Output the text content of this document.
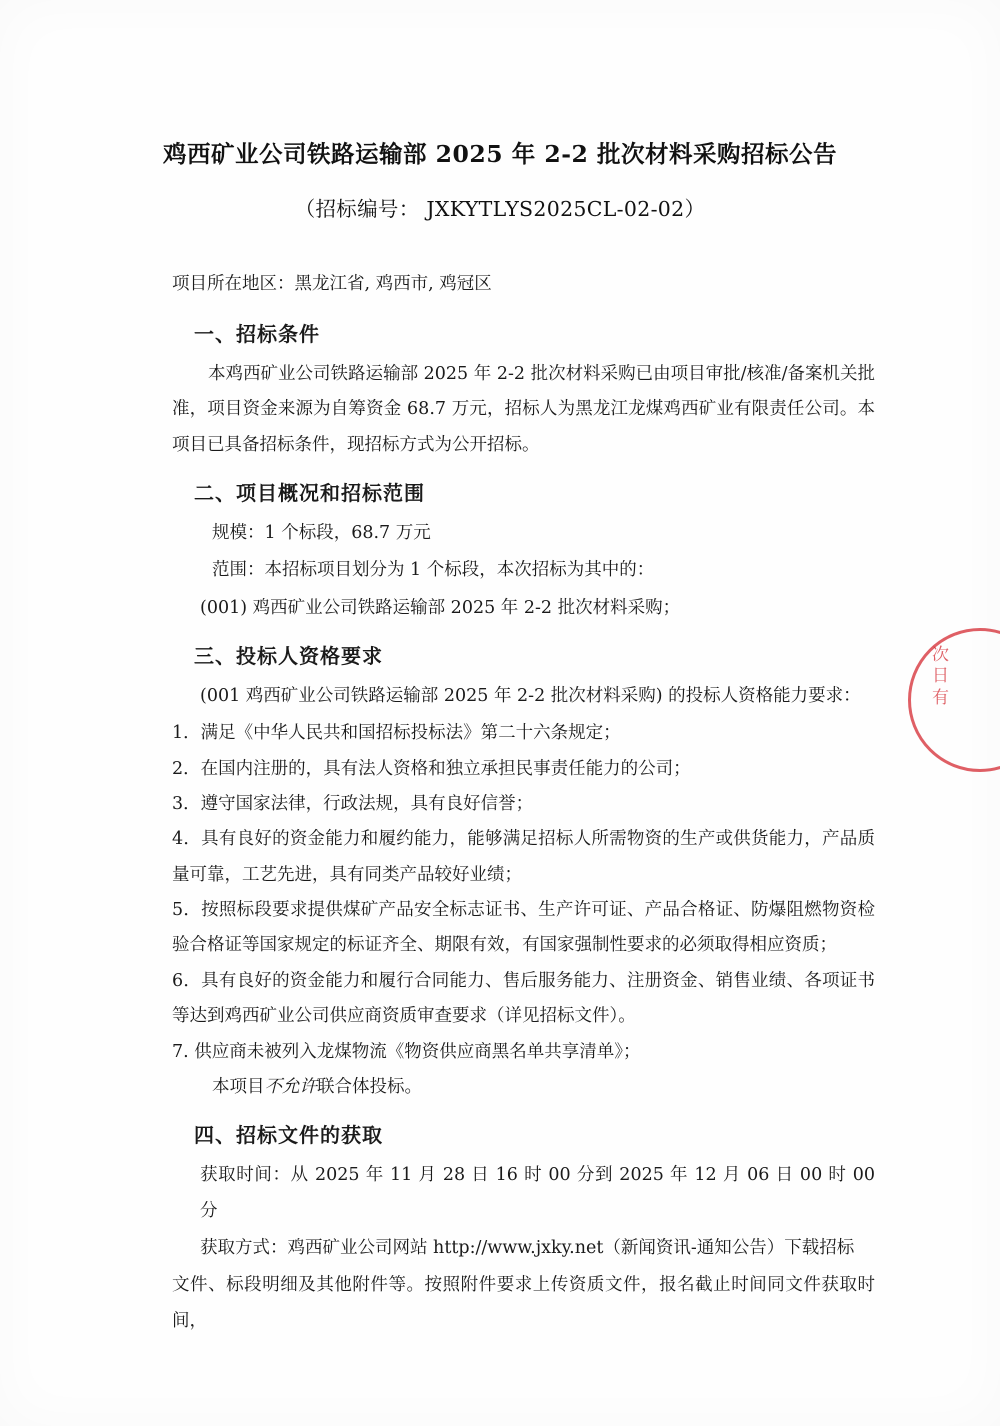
鸡西矿业公司铁路运输部 2025 年 2-2 批次材料采购招标公告
（招标编号： JXKYTLYS2025CL-02-02）

项目所在地区：黑龙江省, 鸡西市, 鸡冠区

一、招标条件

本鸡西矿业公司铁路运输部 2025 年 2-2 批次材料采购已由项目审批/核准/备案机关批准，项目资金来源为自筹资金 68.7 万元，招标人为黑龙江龙煤鸡西矿业有限责任公司。本项目已具备招标条件，现招标方式为公开招标。

二、项目概况和招标范围

规模：1 个标段，68.7 万元

范围：本招标项目划分为 1 个标段，本次招标为其中的：

(001) 鸡西矿业公司铁路运输部 2025 年 2-2 批次材料采购；

三、投标人资格要求

(001 鸡西矿业公司铁路运输部 2025 年 2-2 批次材料采购) 的投标人资格能力要求：

1．满足《中华人民共和国招标投标法》第二十六条规定；

2．在国内注册的，具有法人资格和独立承担民事责任能力的公司；

3．遵守国家法律，行政法规，具有良好信誉；

4．具有良好的资金能力和履约能力，能够满足招标人所需物资的生产或供货能力，产品质量可靠，工艺先进，具有同类产品较好业绩；

5．按照标段要求提供煤矿产品安全标志证书、生产许可证、产品合格证、防爆阻燃物资检验合格证等国家规定的标证齐全、期限有效，有国家强制性要求的必须取得相应资质；

6．具有良好的资金能力和履行合同能力、售后服务能力、注册资金、销售业绩、各项证书等达到鸡西矿业公司供应商资质审查要求（详见招标文件）。

7. 供应商未被列入龙煤物流《物资供应商黑名单共享清单》；

本项目不允许联合体投标。

四、招标文件的获取

获取时间：从 2025 年 11 月 28 日 16 时 00 分到 2025 年 12 月 06 日 00 时 00 分

获取方式：鸡西矿业公司网站 http://www.jxky.net（新闻资讯-通知公告）下载招标

文件、标段明细及其他附件等。按照附件要求上传资质文件，报名截止时间同文件获取时间，

次
日
有
